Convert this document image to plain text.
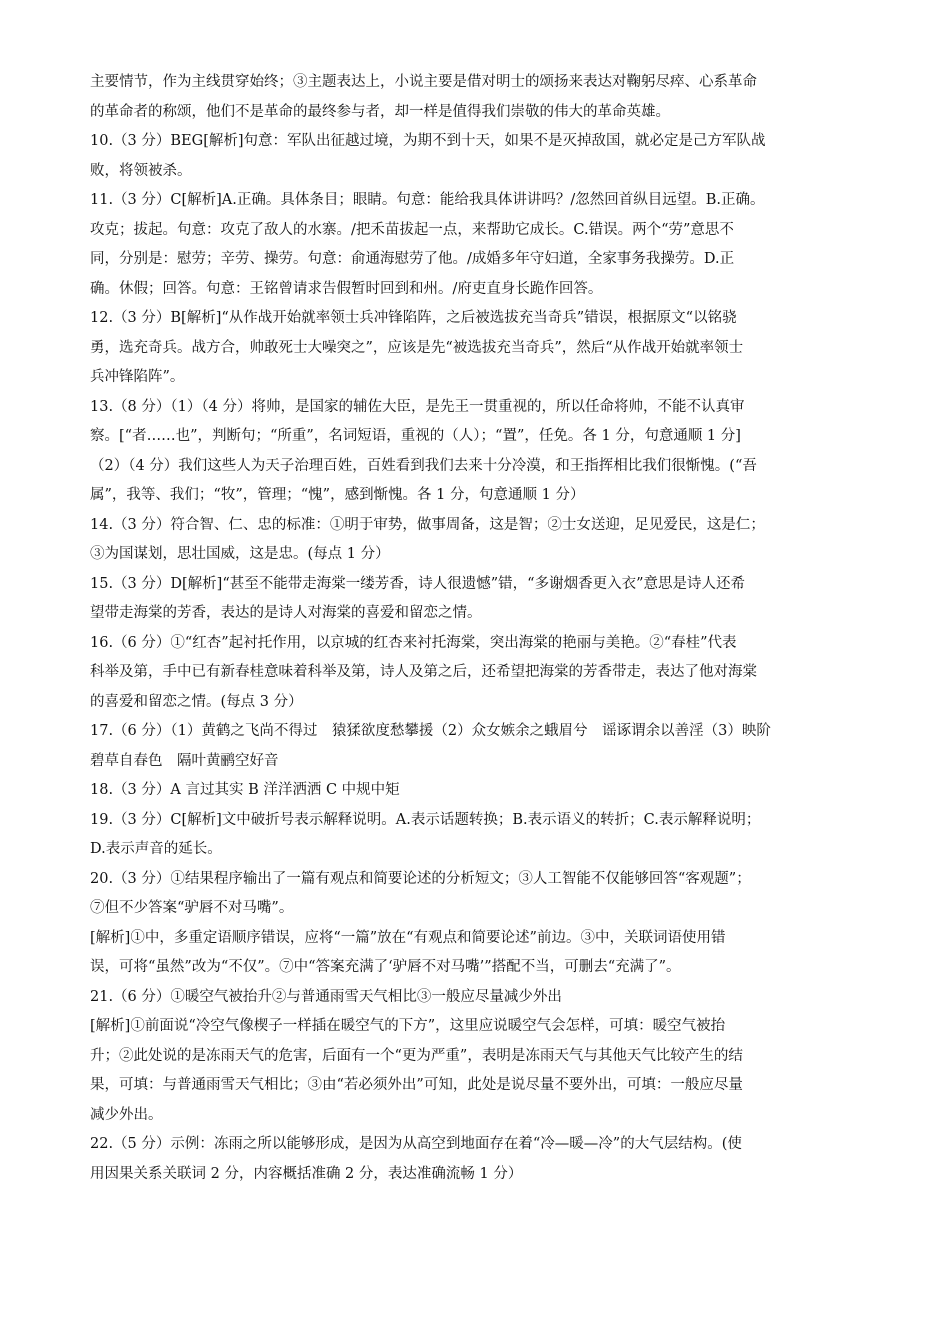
主要情节，作为主线贯穿始终；③主题表达上，小说主要是借对明士的颂扬来表达对鞠躬尽瘁、心系革命
的革命者的称颂，他们不是革命的最终参与者，却一样是值得我们崇敬的伟大的革命英雄。
10.（3 分）BEG[解析]句意：军队出征越过境，为期不到十天，如果不是灭掉敌国，就必定是己方军队战
败，将领被杀。
11.（3 分）C[解析]A.正确。具体条目；眼睛。句意：能给我具体讲讲吗？/忽然回首纵目远望。B.正确。
攻克；拔起。句意：攻克了敌人的水寨。/把禾苗拔起一点，来帮助它成长。C.错误。两个“劳”意思不
同，分别是：慰劳；辛劳、操劳。句意：俞通海慰劳了他。/成婚多年守妇道，全家事务我操劳。D.正
确。休假；回答。句意：王铭曾请求告假暂时回到和州。/府吏直身长跪作回答。
12.（3 分）B[解析]“从作战开始就率领士兵冲锋陷阵，之后被选拔充当奇兵”错误，根据原文“以铭骁
勇，选充奇兵。战方合，帅敢死士大噪突之”，应该是先“被选拔充当奇兵”，然后“从作战开始就率领士
兵冲锋陷阵”。
13.（8 分）（1）（4 分）将帅，是国家的辅佐大臣，是先王一贯重视的，所以任命将帅，不能不认真审
察。[“者……也”，判断句；“所重”，名词短语，重视的（人）；“置”，任免。各 1 分，句意通顺 1 分]
（2）（4 分）我们这些人为天子治理百姓，百姓看到我们去来十分冷漠，和王指挥相比我们很惭愧。(“吾
属”，我等、我们；“牧”，管理；“愧”，感到惭愧。各 1 分，句意通顺 1 分）
14.（3 分）符合智、仁、忠的标准：①明于审势，做事周备，这是智；②士女送迎，足见爱民，这是仁；
③为国谋划，思壮国威，这是忠。(每点 1 分）
15.（3 分）D[解析]“甚至不能带走海棠一缕芳香，诗人很遗憾”错，“多谢烟香更入衣”意思是诗人还希
望带走海棠的芳香，表达的是诗人对海棠的喜爱和留恋之情。
16.（6 分）①“红杏”起衬托作用，以京城的红杏来衬托海棠，突出海棠的艳丽与美艳。②“春桂”代表
科举及第，手中已有新春桂意味着科举及第，诗人及第之后，还希望把海棠的芳香带走，表达了他对海棠
的喜爱和留恋之情。(每点 3 分）
17.（6 分）（1）黄鹤之飞尚不得过　猿猱欲度愁攀援（2）众女嫉余之蛾眉兮　谣诼谓余以善淫（3）映阶
碧草自春色　隔叶黄鹂空好音
18.（3 分）A 言过其实 B 洋洋洒洒 C 中规中矩
19.（3 分）C[解析]文中破折号表示解释说明。A.表示话题转换；B.表示语义的转折；C.表示解释说明；
D.表示声音的延长。
20.（3 分）①结果程序输出了一篇有观点和简要论述的分析短文；③人工智能不仅能够回答“客观题”；
⑦但不少答案“驴唇不对马嘴”。
[解析]①中，多重定语顺序错误，应将“一篇”放在“有观点和简要论述”前边。③中，关联词语使用错
误，可将“虽然”改为“不仅”。⑦中“答案充满了‘驴唇不对马嘴’”搭配不当，可删去“充满了”。
21.（6 分）①暖空气被抬升②与普通雨雪天气相比③一般应尽量减少外出
[解析]①前面说“冷空气像楔子一样插在暖空气的下方”，这里应说暖空气会怎样，可填：暖空气被抬
升；②此处说的是冻雨天气的危害，后面有一个“更为严重”，表明是冻雨天气与其他天气比较产生的结
果，可填：与普通雨雪天气相比；③由“若必须外出”可知，此处是说尽量不要外出，可填：一般应尽量
减少外出。
22.（5 分）示例：冻雨之所以能够形成，是因为从高空到地面存在着“冷—暖—冷”的大气层结构。(使
用因果关系关联词 2 分，内容概括准确 2 分，表达准确流畅 1 分）
